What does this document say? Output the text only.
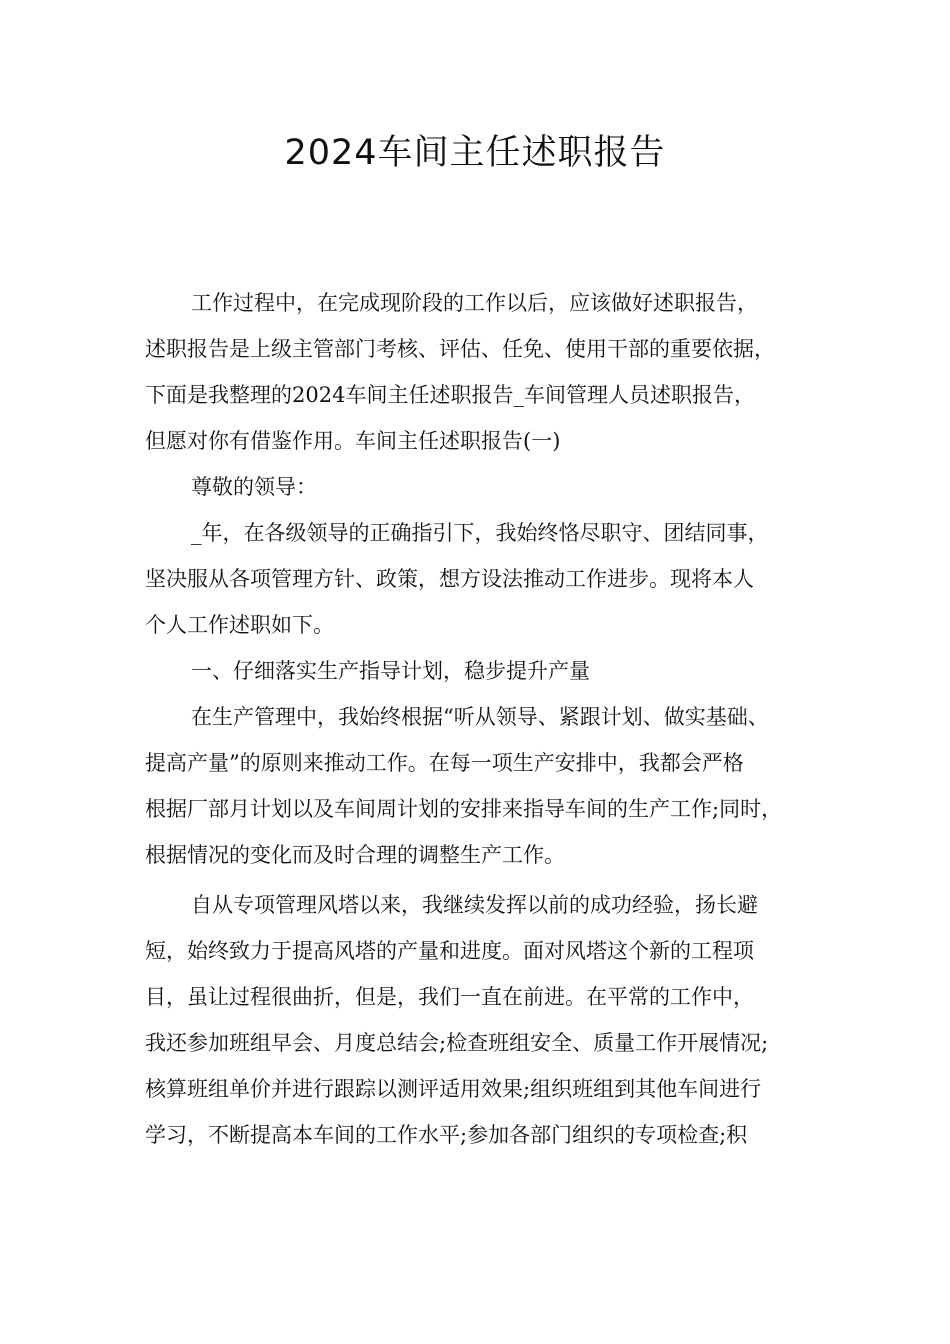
2024车间主任述职报告
工作过程中，在完成现阶段的工作以后，应该做好述职报告，
述职报告是上级主管部门考核、评估、任免、使用干部的重要依据，
下面是我整理的2024车间主任述职报告_车间管理人员述职报告，
但愿对你有借鉴作用。车间主任述职报告(一)
尊敬的领导：
_年，在各级领导的正确指引下，我始终恪尽职守、团结同事，
坚决服从各项管理方针、政策，想方设法推动工作进步。现将本人
个人工作述职如下。
一、仔细落实生产指导计划，稳步提升产量
在生产管理中，我始终根据“听从领导、紧跟计划、做实基础、
提高产量”的原则来推动工作。在每一项生产安排中，我都会严格
根据厂部月计划以及车间周计划的安排来指导车间的生产工作;同时，
根据情况的变化而及时合理的调整生产工作。
自从专项管理风塔以来，我继续发挥以前的成功经验，扬长避
短，始终致力于提高风塔的产量和进度。面对风塔这个新的工程项
目，虽让过程很曲折，但是，我们一直在前进。在平常的工作中，
我还参加班组早会、月度总结会;检查班组安全、质量工作开展情况;
核算班组单价并进行跟踪以测评适用效果;组织班组到其他车间进行
学习，不断提高本车间的工作水平;参加各部门组织的专项检查;积
